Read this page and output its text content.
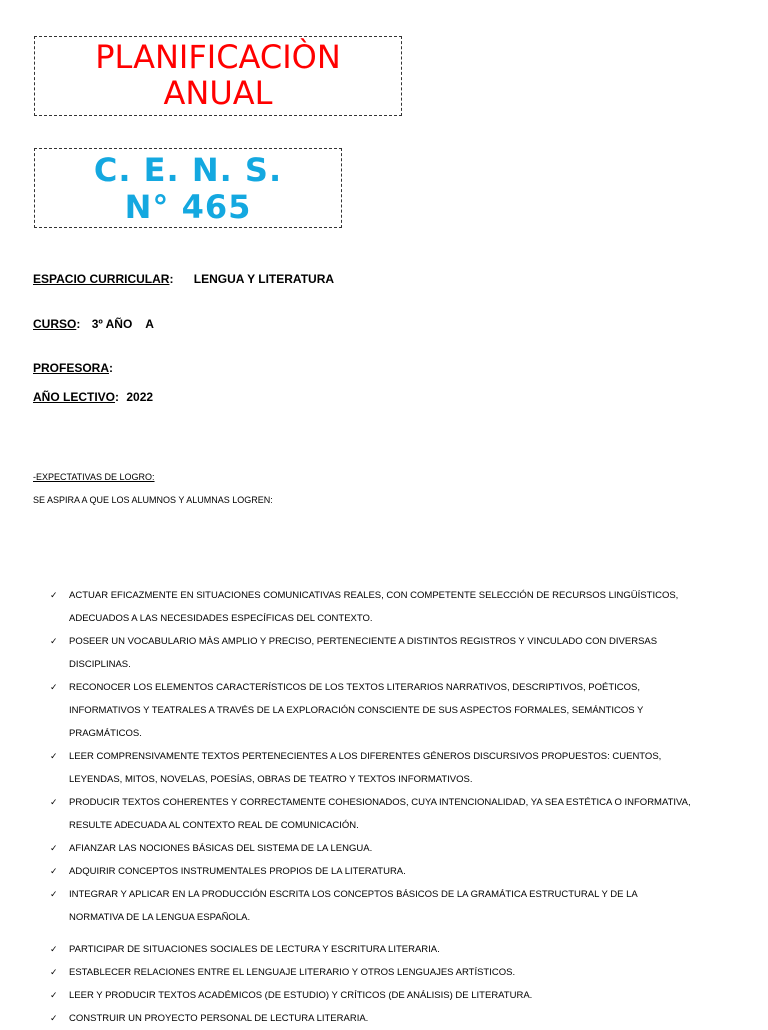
PLANIFICACIÒN
ANUAL
C. E. N. S.
N° 465
ESPACIO CURRICULAR: LENGUA Y LITERATURA
CURSO: 3º AÑO    A
PROFESORA:
AÑO LECTIVO: 2022
-EXPECTATIVAS DE LOGRO:
SE ASPIRA A QUE LOS ALUMNOS Y ALUMNAS LOGREN:
✓ ACTUAR EFICAZMENTE EN SITUACIONES COMUNICATIVAS REALES, CON COMPETENTE SELECCIÓN DE RECURSOS LINGÜÍSTICOS,
ADECUADOS A LAS NECESIDADES ESPECÍFICAS DEL CONTEXTO.
✓ POSEER UN VOCABULARIO MÀS AMPLIO Y PRECISO, PERTENECIENTE A DISTINTOS REGISTROS Y VINCULADO CON DIVERSAS
DISCIPLINAS.
✓ RECONOCER LOS ELEMENTOS CARACTERÍSTICOS DE LOS TEXTOS LITERARIOS NARRATIVOS, DESCRIPTIVOS, POÉTICOS,
INFORMATIVOS Y TEATRALES A TRAVÉS DE LA EXPLORACIÓN CONSCIENTE DE SUS ASPECTOS FORMALES, SEMÁNTICOS Y
PRAGMÁTICOS.
✓ LEER COMPRENSIVAMENTE TEXTOS PERTENECIENTES A LOS DIFERENTES GÉNEROS DISCURSIVOS PROPUESTOS: CUENTOS,
LEYENDAS, MITOS, NOVELAS, POESÍAS, OBRAS DE TEATRO Y TEXTOS INFORMATIVOS.
✓ PRODUCIR TEXTOS COHERENTES Y CORRECTAMENTE COHESIONADOS, CUYA INTENCIONALIDAD, YA SEA ESTÉTICA O INFORMATIVA,
RESULTE ADECUADA AL CONTEXTO REAL DE COMUNICACIÓN.
✓ AFIANZAR LAS NOCIONES BÁSICAS DEL SISTEMA DE LA LENGUA.
✓ ADQUIRIR CONCEPTOS INSTRUMENTALES PROPIOS DE LA LITERATURA.
✓ INTEGRAR Y APLICAR EN LA PRODUCCIÓN ESCRITA LOS CONCEPTOS BÁSICOS DE LA GRAMÁTICA ESTRUCTURAL Y DE LA
NORMATIVA DE LA LENGUA ESPAÑOLA.
✓ PARTICIPAR DE SITUACIONES SOCIALES DE LECTURA Y ESCRITURA LITERARIA.
✓ ESTABLECER RELACIONES ENTRE EL LENGUAJE LITERARIO Y OTROS LENGUAJES ARTÍSTICOS.
✓ LEER Y PRODUCIR TEXTOS ACADÉMICOS (DE ESTUDIO) Y CRÍTICOS (DE ANÁLISIS) DE LITERATURA.
✓ CONSTRUIR UN PROYECTO PERSONAL DE LECTURA LITERARIA.
